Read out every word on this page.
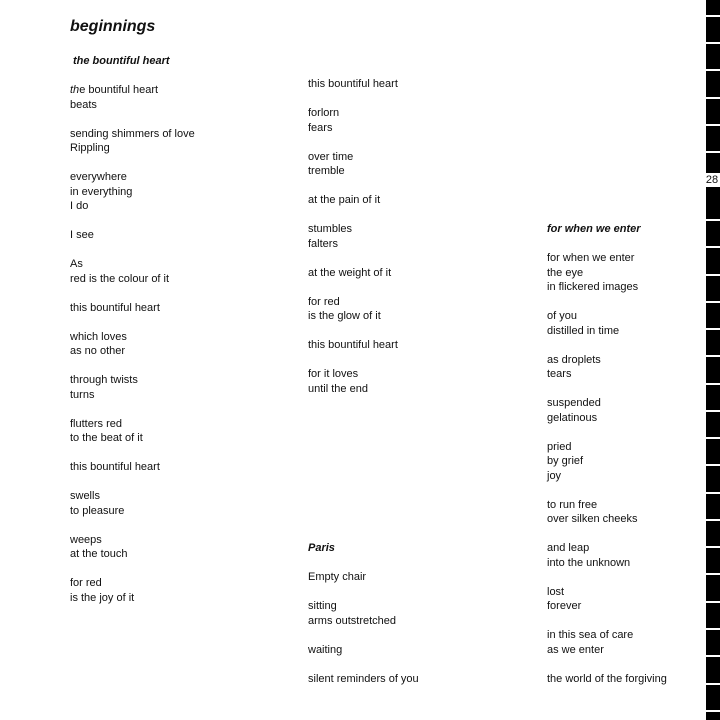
beginnings
the bountiful heart
the bountiful heart
beats
sending shimmers of love
Rippling
everywhere
in everything
I do
I see
As
red is the colour of it
this bountiful heart
which loves
as no other
through twists
turns
flutters red
to the beat of it
this bountiful heart
swells
to pleasure
weeps
at the touch
for red
is the joy of it
this bountiful heart
forlorn
fears
over time
tremble
at the pain of it
stumbles
falters
at the weight of it
for red
is the glow of it
this bountiful heart
for it loves
until the end
Paris
Empty chair
sitting
arms outstretched
waiting
silent reminders of you
for when we enter
for when we enter
the eye
in flickered images
of you
distilled in time
as droplets
tears
suspended
gelatinous
pried
by grief
joy
to run free
over silken cheeks
and leap
into the unknown
lost
forever
in this sea of care
as we enter
the world of the forgiving
28
